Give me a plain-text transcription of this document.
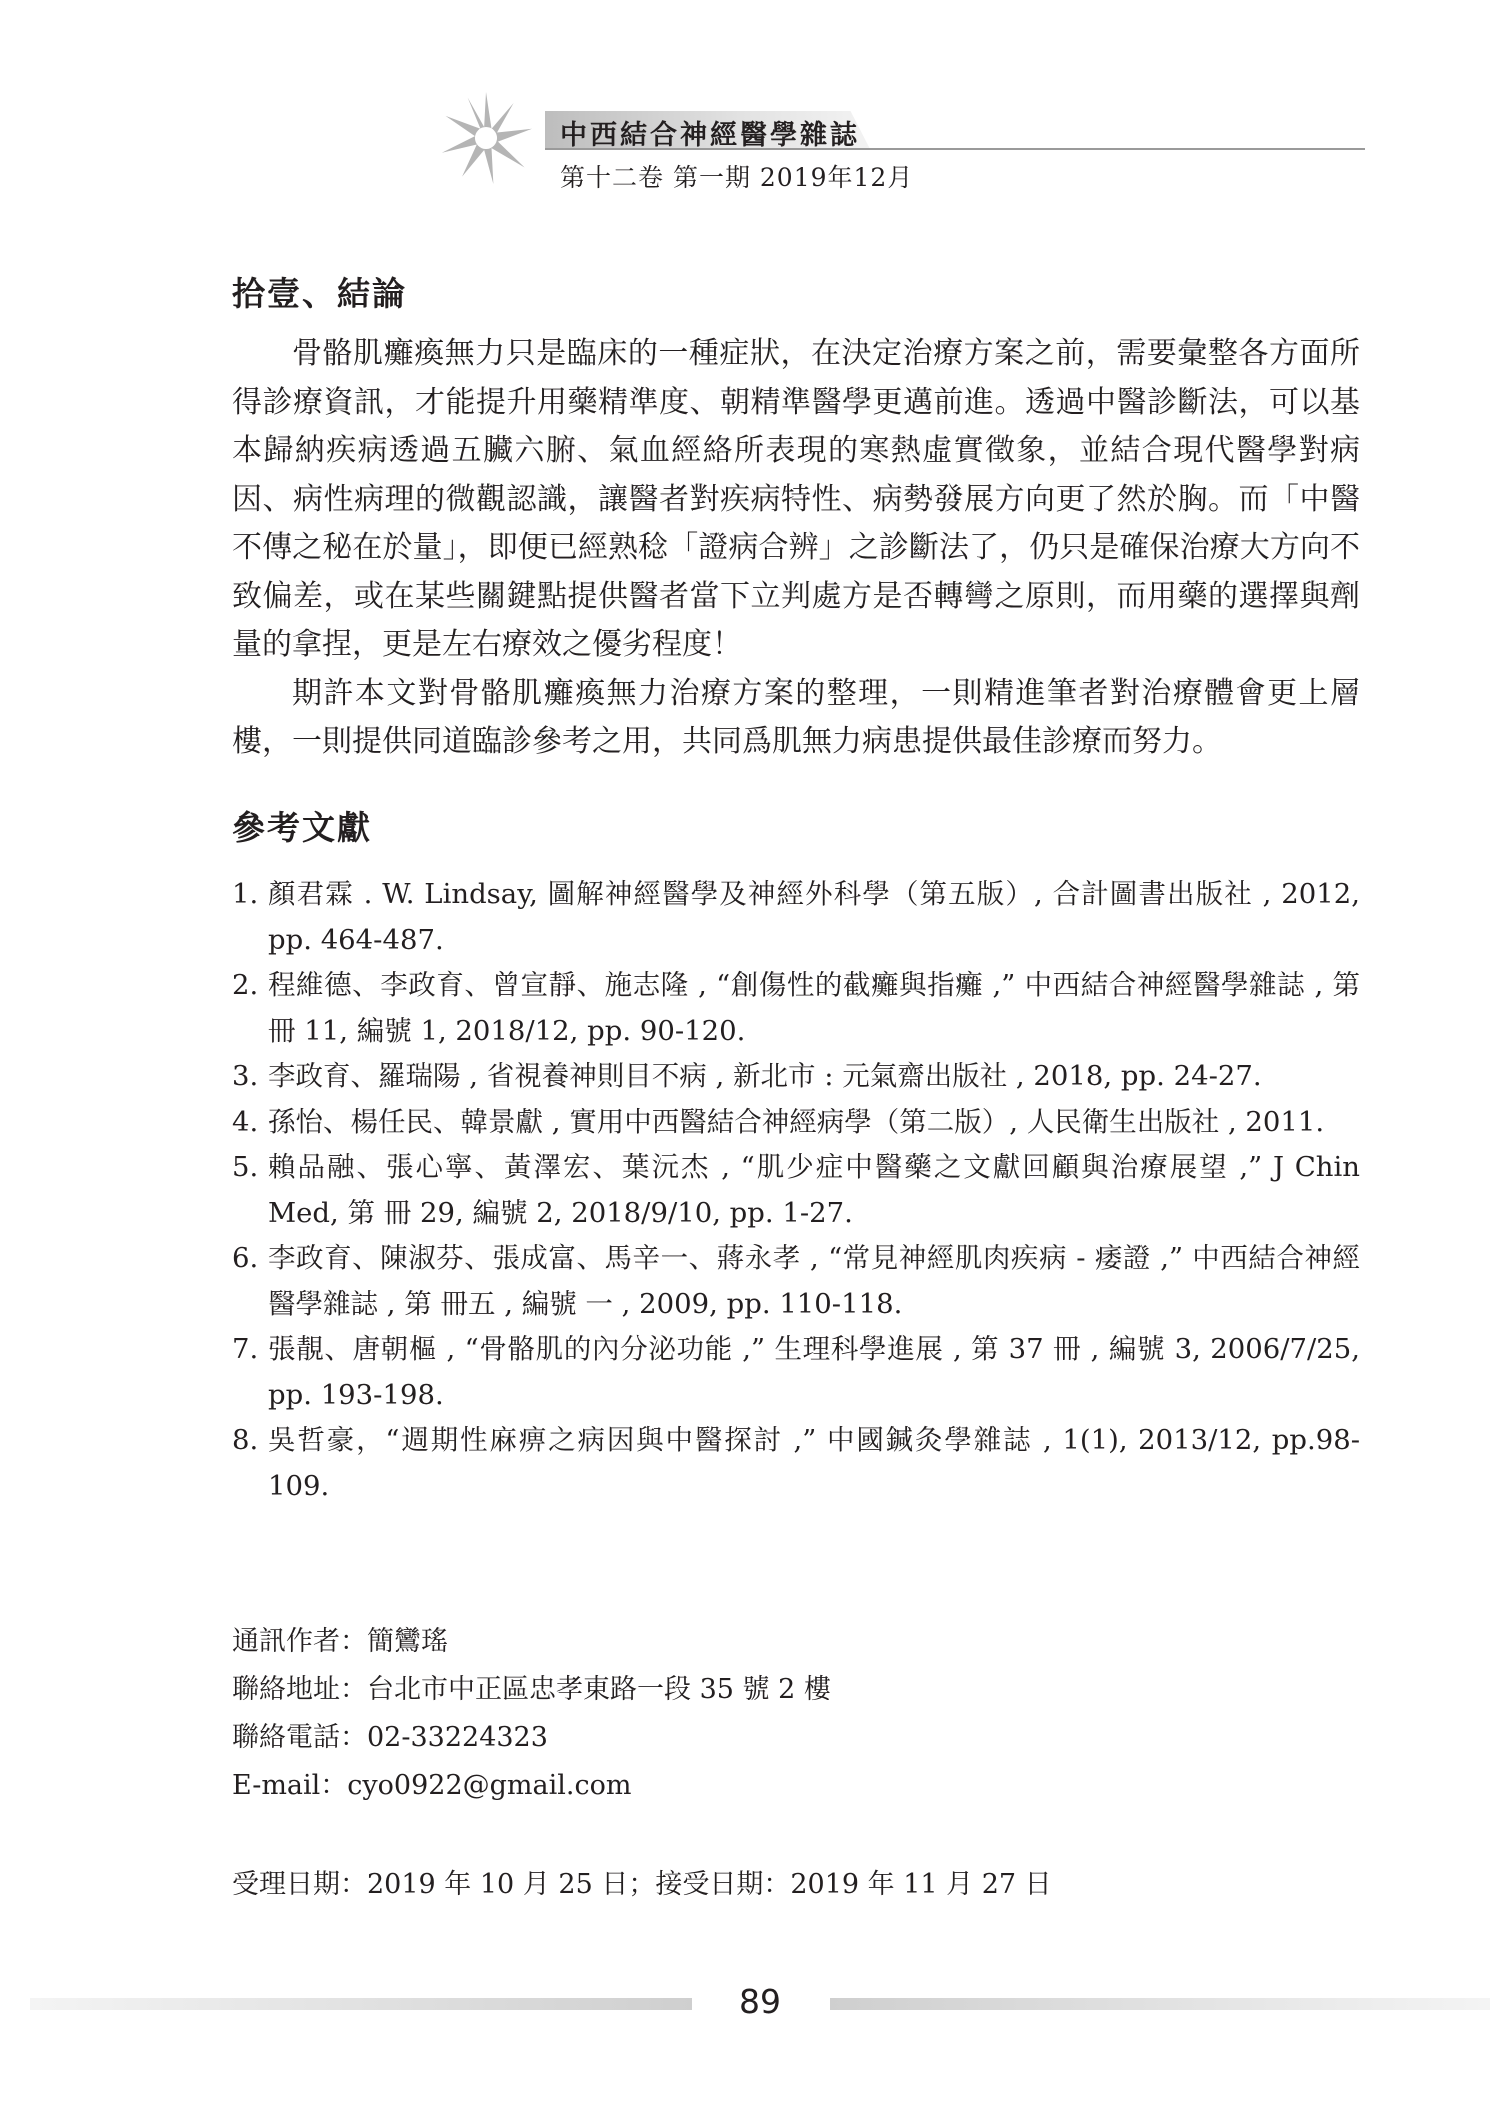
中西結合神經醫學雜誌
第十二卷 第一期 2019年12月
拾壹、結論

骨骼肌癱瘓無力只是臨床的一種症狀，在決定治療方案之前，需要彙整各方面所得診療資訊，才能提升用藥精準度、朝精準醫學更邁前進。透過中醫診斷法，可以基本歸納疾病透過五臟六腑、氣血經絡所表現的寒熱虛實徵象，並結合現代醫學對病因、病性病理的微觀認識，讓醫者對疾病特性、病勢發展方向更了然於胸。而「中醫不傳之秘在於量」，即便已經熟稔「證病合辨」之診斷法了，仍只是確保治療大方向不致偏差，或在某些關鍵點提供醫者當下立判處方是否轉彎之原則，而用藥的選擇與劑量的拿捏，更是左右療效之優劣程度！

期許本文對骨骼肌癱瘓無力治療方案的整理，一則精進筆者對治療體會更上層樓，一則提供同道臨診參考之用，共同爲肌無力病患提供最佳診療而努力。

參考文獻
1. 顏君霖 . W. Lindsay, 圖解神經醫學及神經外科學（第五版）, 合計圖書出版社 , 2012, pp. 464-487.
2. 程維德、李政育、曾宣靜、施志隆 , “創傷性的截癱與指癱 ,” 中西結合神經醫學雜誌 , 第 冊 11, 編號 1, 2018/12, pp. 90-120.
3. 李政育、羅瑞陽 , 省視養神則目不病 , 新北市 : 元氣齋出版社 , 2018, pp. 24-27.
4. 孫怡、楊任民、韓景獻 , 實用中西醫結合神經病學（第二版）, 人民衛生出版社 , 2011.
5. 賴品融、張心寧、黃澤宏、葉沅杰 , “肌少症中醫藥之文獻回顧與治療展望 ,” J Chin Med, 第 冊 29, 編號 2, 2018/9/10, pp. 1-27.
6. 李政育、陳淑芬、張成富、馬辛一、蔣永孝 , “常見神經肌肉疾病 - 痿證 ,” 中西結合神經醫學雜誌 , 第 冊五 , 編號 一 , 2009, pp. 110-118.
7. 張靚、唐朝樞 , “骨骼肌的內分泌功能 ,” 生理科學進展 , 第 37 冊 , 編號 3, 2006/7/25, pp. 193-198.
8. 吳哲豪，“週期性麻痹之病因與中醫探討 ,” 中國鍼灸學雜誌 , 1(1), 2013/12, pp.98-109.
通訊作者：簡鸞瑤
聯絡地址：台北市中正區忠孝東路一段 35 號 2 樓
聯絡電話：02-33224323
E-mail：cyo0922@gmail.com
受理日期：2019 年 10 月 25 日；接受日期：2019 年 11 月 27 日
89
